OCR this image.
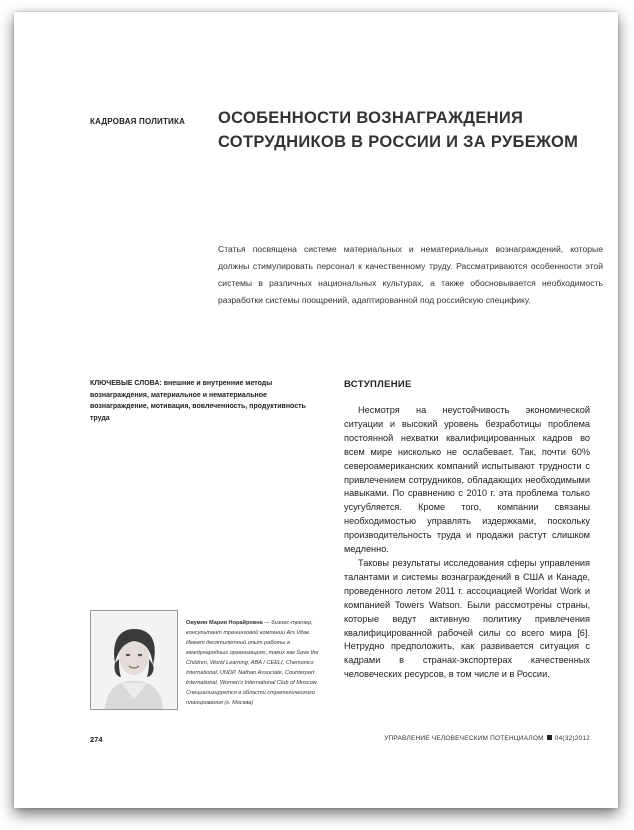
КАДРОВАЯ ПОЛИТИКА ОСОБЕННОСТИ ВОЗНАГРАЖДЕНИЯ
СОТРУДНИКОВ В РОССИИ И ЗА РУБЕЖОМ
Статья посвящена системе материальных и нематериальных вознаграждений, которые должны стимулировать персонал к качественному труду. Рассматриваются особенности этой системы в различных национальных культурах, а также обосновывается необходимость разработки системы поощрений, адаптированной под российскую специфику.
КЛЮЧЕВЫЕ СЛОВА: внешние и внутренние методы вознаграждения, материальное и нематериальное вознаграждение, мотивация, вовлеченность, продуктивность труда
ВСТУПЛЕНИЕ

Несмотря на неустойчивость экономической ситуации и высокий уровень безработицы проблема постоянной нехватки квалифицированных кадров во всем мире нисколько не ослабевает. Так, почти 60% североамериканских компаний испытывают трудности с привлечением сотрудников, обладающих необходимыми навыками. По сравнению с 2010 г. эта проблема только усугубляется. Кроме того, компании связаны необходимостью управлять издержками, поскольку производительность труда и продажи растут слишком медленно.

Таковы результаты исследования сферы управления талантами и системы вознаграждений в США и Канаде, проведенного летом 2011 г. ассоциацией Worldat Work и компанией Towers Watson. Были рассмотрены страны, которые ведут активную политику привлечения квалифицированной рабочей силы со всего мира [6]. Нетрудно предположить, как развивается ситуация с кадрами в странах-экспортерах качественных человеческих ресурсов, в том числе и в России.

Овумян Мария Норайровна — бизнес-тренер, консультант тренинговой компании Ars Vitae. Имеет десятилетний опыт работы в международных организациях, таких как Save the Children, World Learning, ABA / CEELI, Chemonics International, UNDP, Nathan Associate, Counterpart International, Women's International Club of Moscow. Специализируется в области стратегического планирования (г. Москва)
274	УПРАВЛЕНИЕ ЧЕЛОВЕЧЕСКИМ ПОТЕНЦИАЛОМ 04(32)2012
